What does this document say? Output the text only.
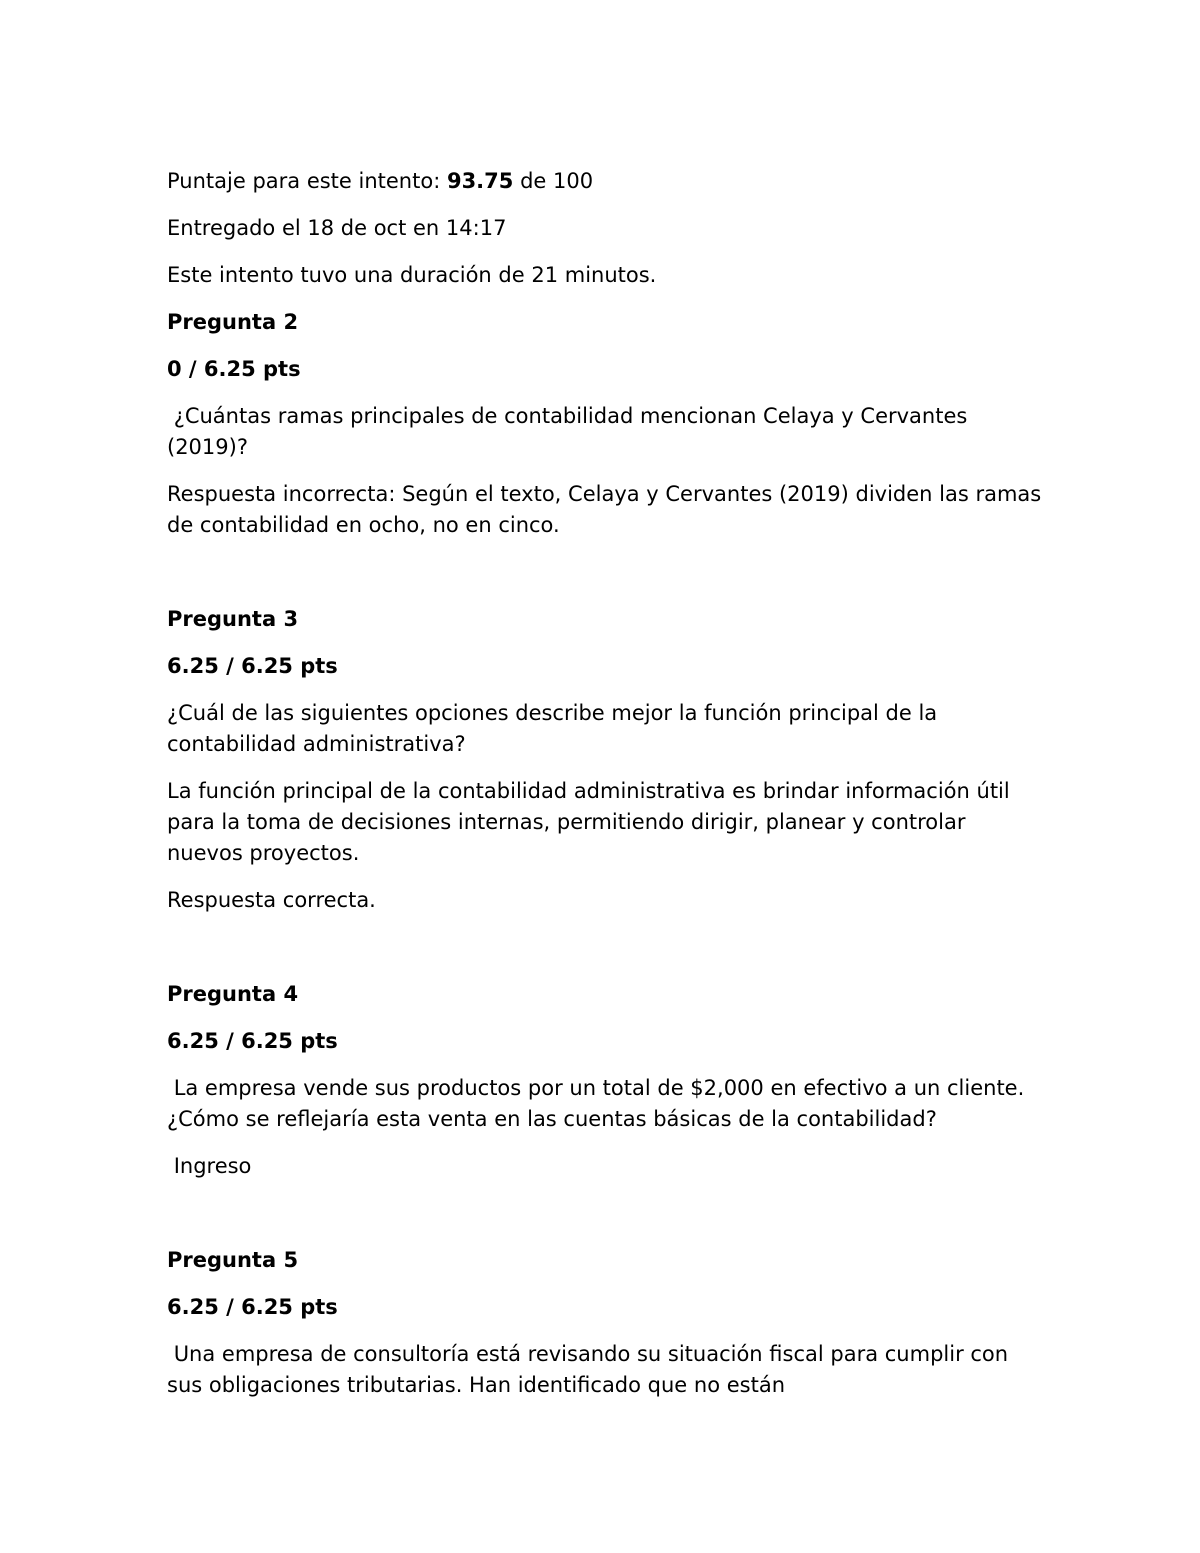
Puntaje para este intento: 93.75 de 100

Entregado el 18 de oct en 14:17

Este intento tuvo una duración de 21 minutos.

Pregunta 2

0 / 6.25 pts

¿Cuántas ramas principales de contabilidad mencionan Celaya y Cervantes (2019)?

Respuesta incorrecta: Según el texto, Celaya y Cervantes (2019) dividen las ramas de contabilidad en ocho, no en cinco.

Pregunta 3

6.25 / 6.25 pts

¿Cuál de las siguientes opciones describe mejor la función principal de la contabilidad administrativa?

La función principal de la contabilidad administrativa es brindar información útil para la toma de decisiones internas, permitiendo dirigir, planear y controlar nuevos proyectos.

Respuesta correcta.

Pregunta 4

6.25 / 6.25 pts

La empresa vende sus productos por un total de $2,000 en efectivo a un cliente. ¿Cómo se reflejaría esta venta en las cuentas básicas de la contabilidad?

Ingreso

Pregunta 5

6.25 / 6.25 pts

Una empresa de consultoría está revisando su situación fiscal para cumplir con sus obligaciones tributarias. Han identificado que no están
